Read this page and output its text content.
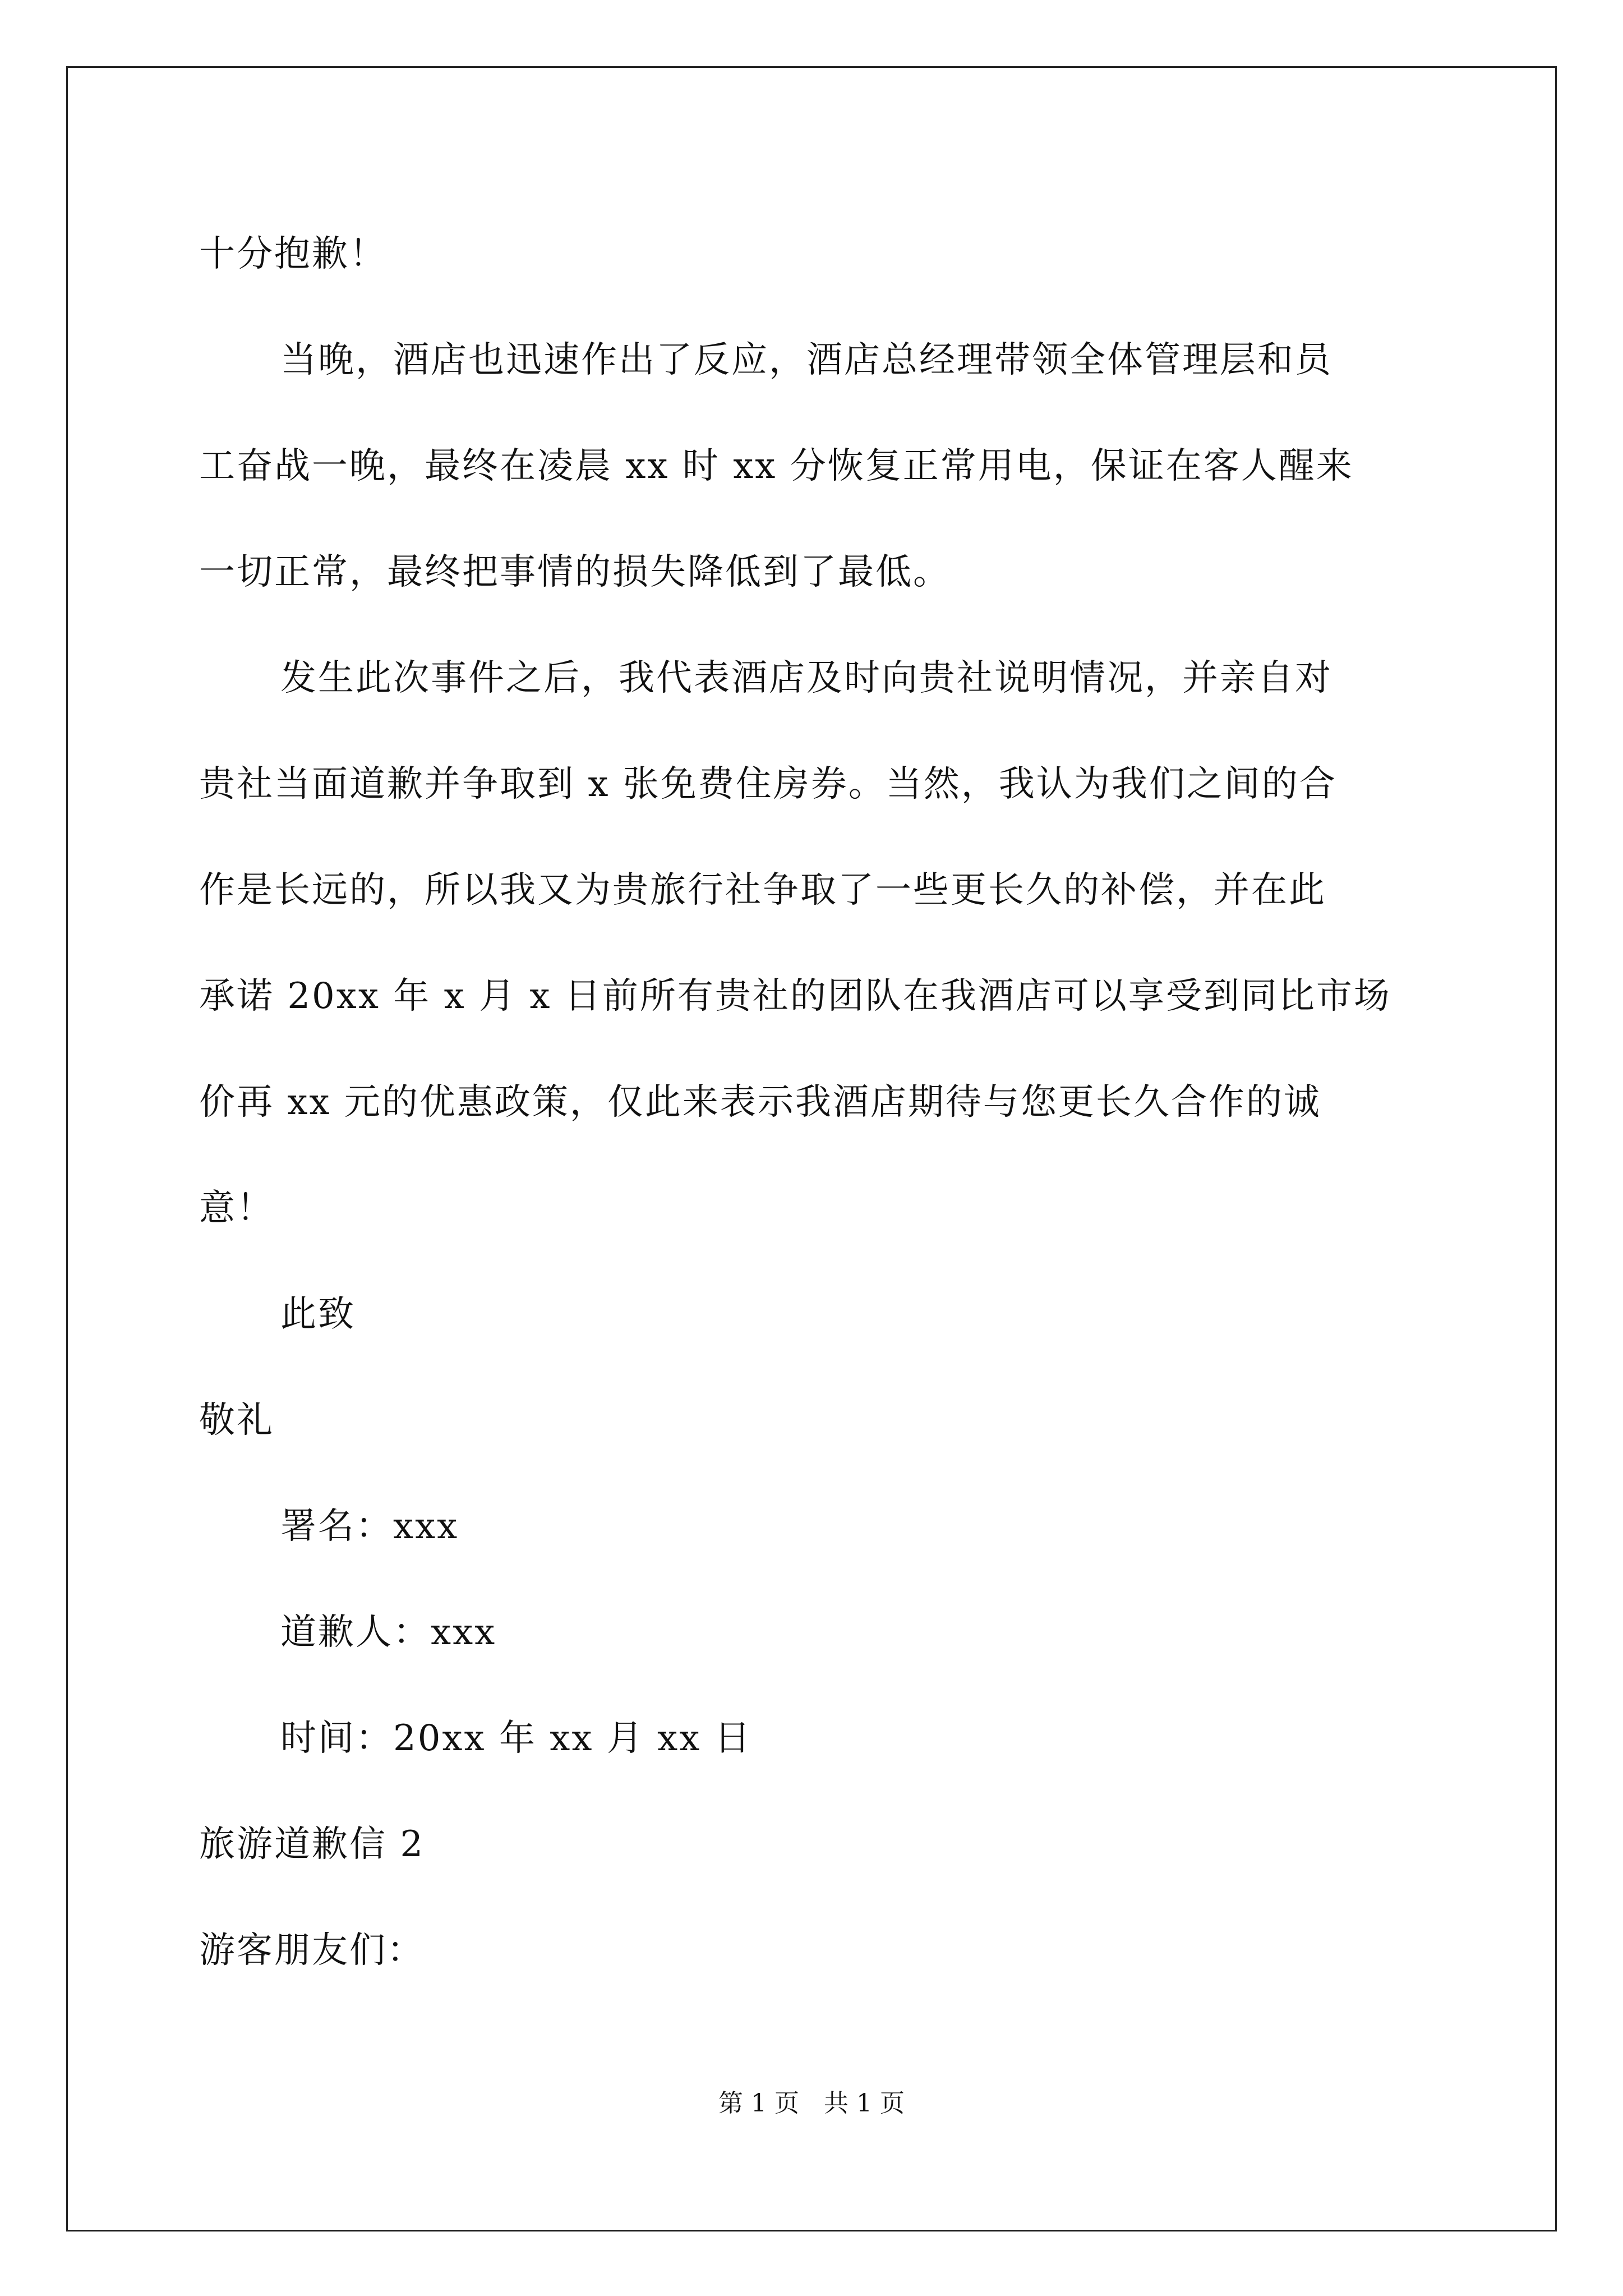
十分抱歉！
当晚，酒店也迅速作出了反应，酒店总经理带领全体管理层和员
工奋战一晚，最终在凌晨 xx 时 xx 分恢复正常用电，保证在客人醒来
一切正常，最终把事情的损失降低到了最低。
发生此次事件之后，我代表酒店及时向贵社说明情况，并亲自对
贵社当面道歉并争取到 x 张免费住房券。当然，我认为我们之间的合
作是长远的，所以我又为贵旅行社争取了一些更长久的补偿，并在此
承诺 20xx 年 x 月 x 日前所有贵社的团队在我酒店可以享受到同比市场
价再 xx 元的优惠政策，仅此来表示我酒店期待与您更长久合作的诚
意！
此致
敬礼
署名：xxx
道歉人：xxx
时间：20xx 年 xx 月 xx 日
旅游道歉信 2
游客朋友们：
第 1 页　共 1 页
